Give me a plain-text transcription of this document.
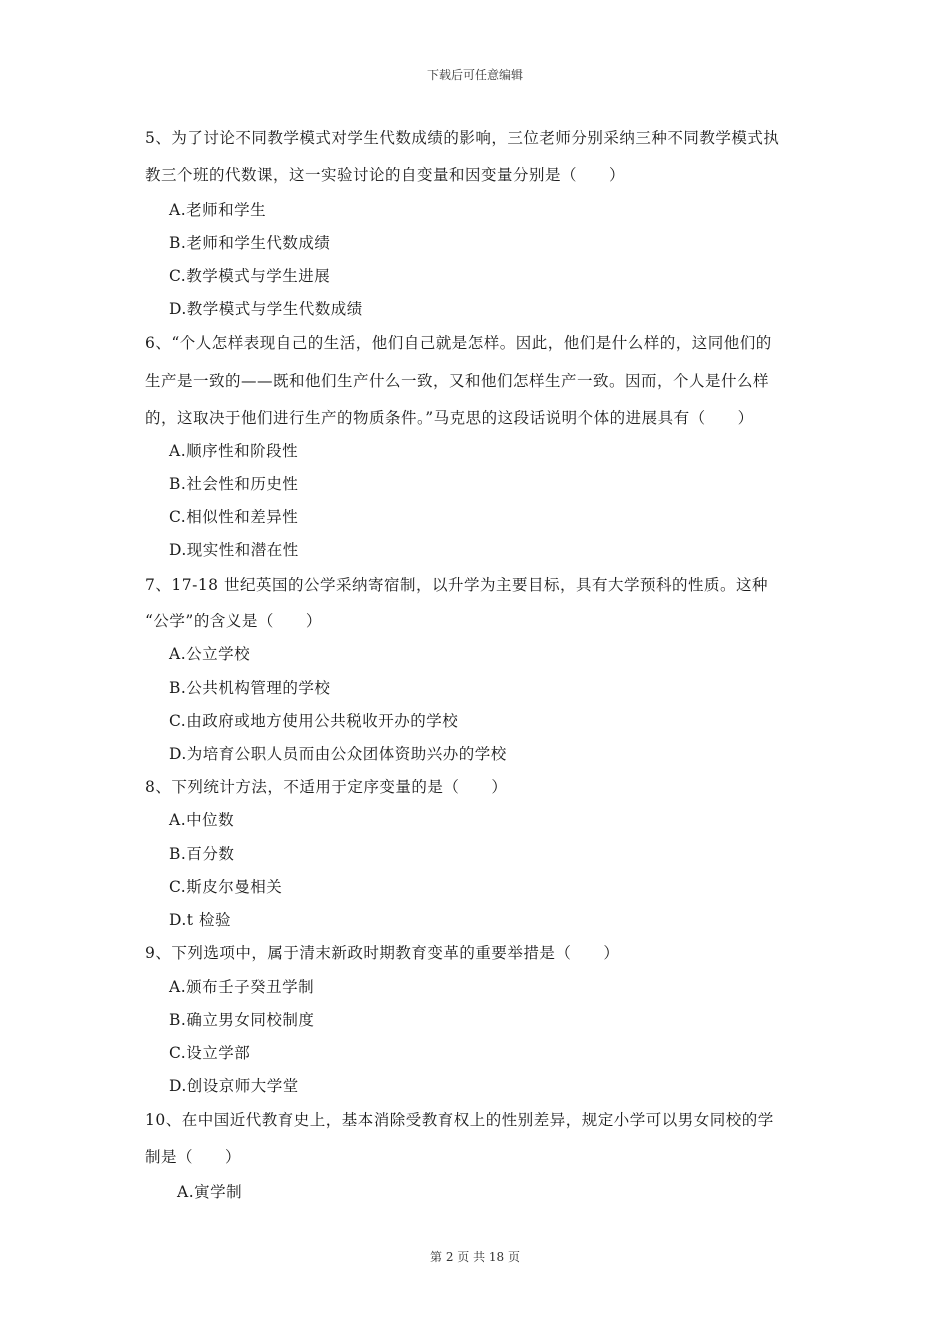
下载后可任意编辑
5、为了讨论不同教学模式对学生代数成绩的影响，三位老师分别采纳三种不同教学模式执
教三个班的代数课，这一实验讨论的自变量和因变量分别是（　　）
A.老师和学生
B.老师和学生代数成绩
C.教学模式与学生进展
D.教学模式与学生代数成绩
6、“个人怎样表现自己的生活，他们自己就是怎样。因此，他们是什么样的，这同他们的
生产是一致的——既和他们生产什么一致，又和他们怎样生产一致。因而，个人是什么样
的，这取决于他们进行生产的物质条件。”马克思的这段话说明个体的进展具有（　　）
A.顺序性和阶段性
B.社会性和历史性
C.相似性和差异性
D.现实性和潜在性
7、17-18 世纪英国的公学采纳寄宿制，以升学为主要目标，具有大学预科的性质。这种
“公学”的含义是（　　）
A.公立学校
B.公共机构管理的学校
C.由政府或地方使用公共税收开办的学校
D.为培育公职人员而由公众团体资助兴办的学校
8、下列统计方法，不适用于定序变量的是（　　）
A.中位数
B.百分数
C.斯皮尔曼相关
D.t 检验
9、下列选项中，属于清末新政时期教育变革的重要举措是（　　）
A.颁布壬子癸丑学制
B.确立男女同校制度
C.设立学部
D.创设京师大学堂
10、在中国近代教育史上，基本消除受教育权上的性别差异，规定小学可以男女同校的学
制是（　　）
A.寅学制
第 2 页 共 18 页
